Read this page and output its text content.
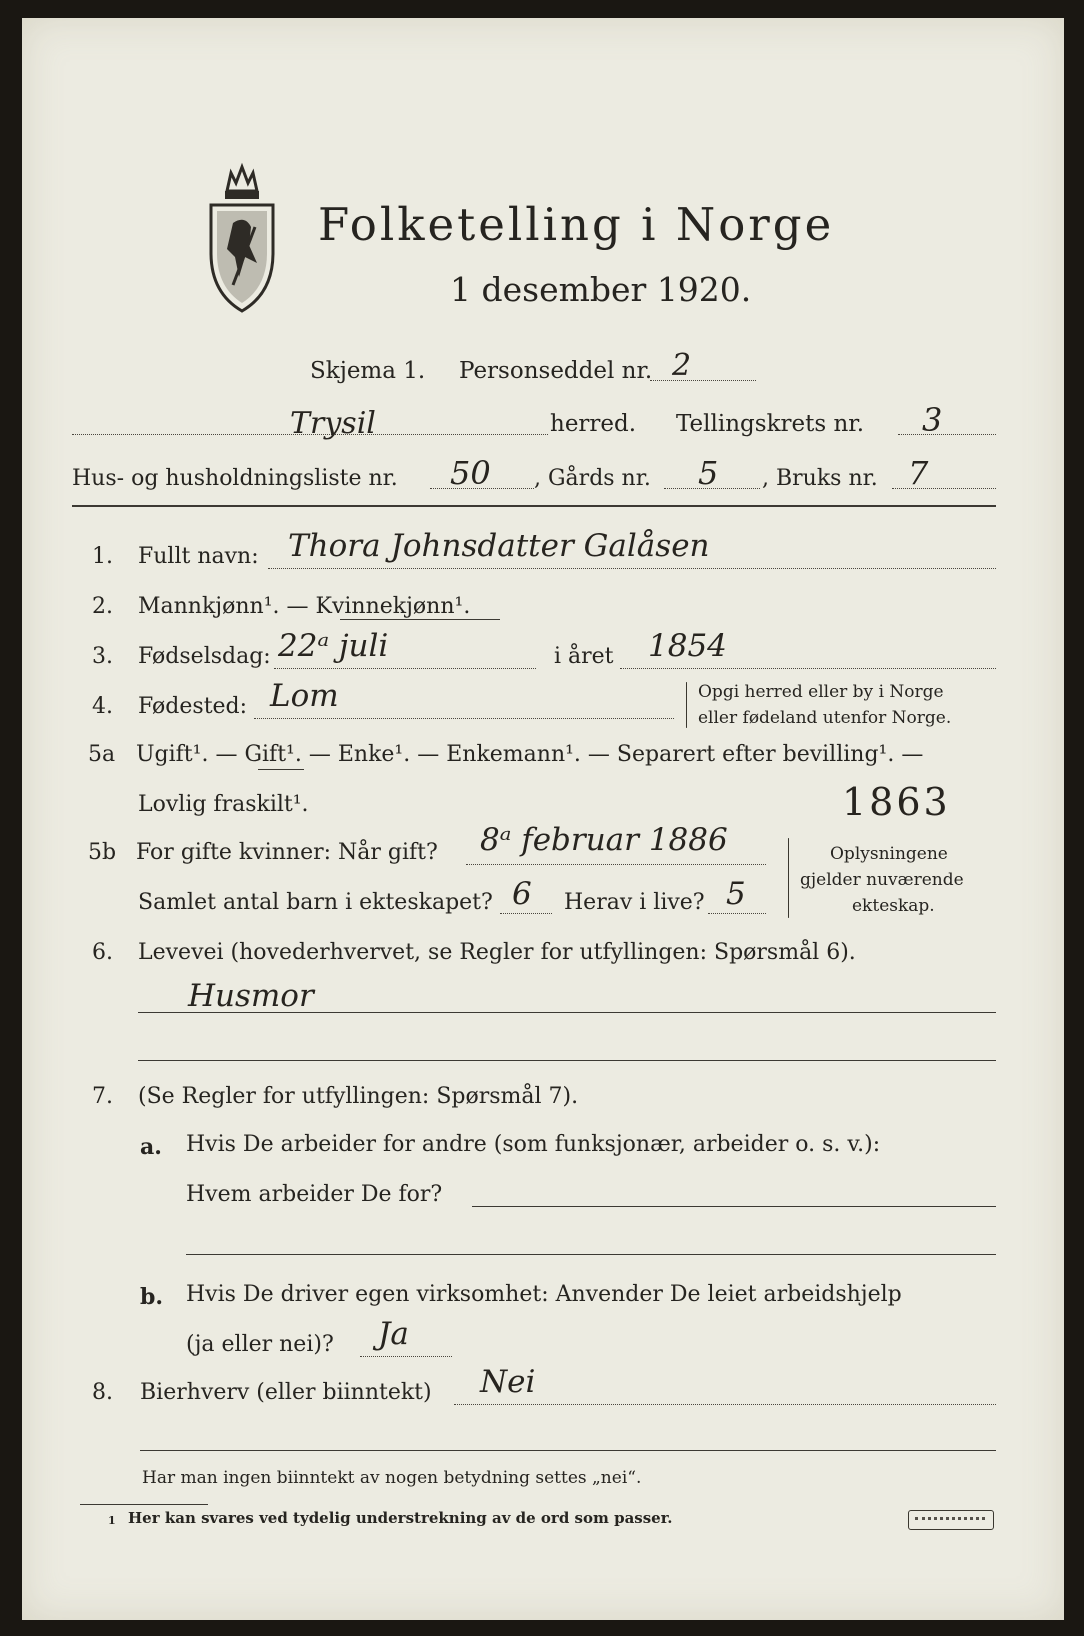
Folketelling i Norge
1 desember 1920.
Skjema 1. Personseddel nr. 2
Trysil	herred. Tellingskrets nr. 3
Hus- og husholdningsliste nr. 50 , Gårds nr. 5 , Bruks nr. 7
1. Fullt navn: Thora Johnsdatter Galåsen
2. Mannkjønn¹. — Kvinnekjønn¹.
3. Fødselsdag: 22ᵃ juli	i året 1854
4. Fødested: Lom	Opgi herred eller by i Norge
eller fødeland utenfor Norge.
5a Ugift¹. — Gift¹. — Enke¹. — Enkemann¹. — Separert efter bevilling¹. —
Lovlig fraskilt¹.	1863
5b For gifte kvinner: Når gift? 8ᵃ februar 1886
Samlet antal barn i ekteskapet? 6 Herav i live? 5
Oplysningene
gjelder nuværende
ekteskap.
6. Levevei (hovederhvervet, se Regler for utfyllingen: Spørsmål 6).
Husmor
7. (Se Regler for utfyllingen: Spørsmål 7).
a. Hvis De arbeider for andre (som funksjonær, arbeider o. s. v.):
Hvem arbeider De for?
b. Hvis De driver egen virksomhet: Anvender De leiet arbeidshjelp
(ja eller nei)? Ja
8. Bierhverv (eller biinntekt) Nei
Har man ingen biinntekt av nogen betydning settes „nei“.
1 Her kan svares ved tydelig understrekning av de ord som passer.
